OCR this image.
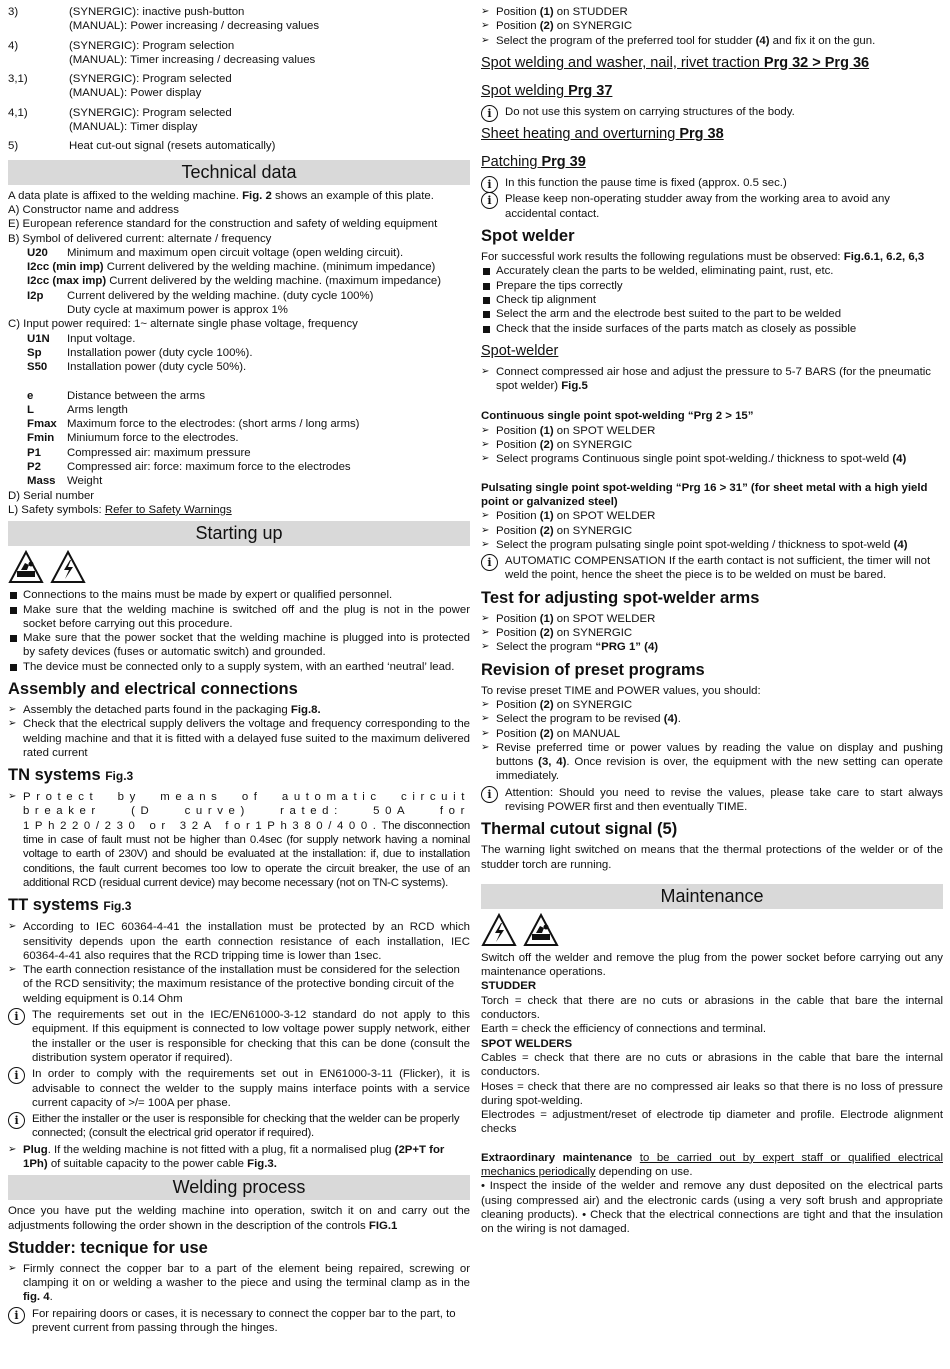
3)	(SYNERGIC): inactive push-button
(MANUAL): Power increasing / decreasing values
4)	(SYNERGIC): Program selection
(MANUAL): Timer increasing / decreasing values
3,1)	(SYNERGIC): Program selected
(MANUAL): Power display
4,1)	(SYNERGIC): Program selected
(MANUAL): Timer display
5)	Heat cut-out signal (resets automatically)
Technical data

A data plate is affixed to the welding machine. Fig. 2 shows an example of this plate.

A) Constructor name and address
E) European reference standard for the construction and safety of welding equipment
B) Symbol of delivered current: alternate / frequency
U20	Minimum and maximum open circuit voltage (open welding circuit).
I2cc (min imp) Current delivered by the welding machine. (minimum impedance)
I2cc (max imp) Current delivered by the welding machine. (maximum impedance)
I2p	Current delivered by the welding machine. (duty cycle 100%)
Duty cycle at maximum power is approx 1%
C) Input power required: 1~ alternate single phase voltage, frequency
U1N	Input voltage.
Sp	Installation power (duty cycle 100%).
S50	Installation power (duty cycle 50%).
e	Distance between the arms
L	Arms length
Fmax Maximum force to the electrodes: (short arms / long arms)
Fmin	Miniumum force to the electrodes.
P1	Compressed air: maximum pressure
P2	Compressed air: force: maximum force to the electrodes
Mass	Weight
D) Serial number
L) Safety symbols: Refer to Safety Warnings
Starting up
Connections to the mains must be made by expert or qualified personnel.
Make sure that the welding machine is switched off and the plug is not in the power socket before carrying out this procedure.
Make sure that the power socket that the welding machine is plugged into is protected by safety devices (fuses or automatic switch) and grounded.
The device must be connected only to a supply system, with an earthed ‘neutral’ lead.
Assembly and electrical connections
➢ Assembly the detached parts found in the packaging Fig.8.
➢ Check that the electrical supply delivers the voltage and frequency corresponding to the welding machine and that it is fitted with a delayed fuse suited to the maximum delivered rated current
TN systems Fig.3
➢ Protect by means of automatic circuit breaker (D curve) rated: 50A for 1Ph220/230 or 32A for1Ph380/400.The disconnection time in case of fault must not be higher than 0.4sec (for supply network having a nominal voltage to earth of 230V) and should be evaluated at the installation: if, due to installation conditions, the fault current becomes too low to operate the circuit breaker, the use of an additional RCD (residual current device) may become necessary (not on TN-C systems).
TT systems Fig.3
➢ According to IEC 60364-4-41 the installation must be protected by an RCD which sensitivity depends upon the earth connection resistance of each installation, IEC 60364-4-41 also requires that the RCD tripping time is lower than 1sec.
➢ The earth connection resistance of the installation must be considered for the selection of the RCD sensitivity; the maximum resistance of the protective bonding circuit of the welding equipment is 0.14 Ohm
i	The requirements set out in the IEC/EN61000-3-12 standard do not apply to this equipment. If this equipment is connected to low voltage power supply network, either the installer or the user is responsible for checking that this can be done (consult the distribution system operator if required).
i	In order to comply with the requirements set out in EN61000-3-11 (Flicker), it is advisable to connect the welder to the supply mains interface points with a service current capacity of >/= 100A per phase.
i	Either the installer or the user is responsible for checking that the welder can be properly connected; (consult the electrical grid operator if required).
➢ Plug. If the welding machine is not fitted with a plug, fit a normalised plug (2P+T for 1Ph) of suitable capacity to the power cable Fig.3.
Welding process

Once you have put the welding machine into operation, switch it on and carry out the adjustments following the order shown in the description of the controls FIG.1

Studder: tecnique for use
➢ Firmly connect the copper bar to a part of the element being repaired, screwing or clamping it on or welding a washer to the piece and using the terminal clamp as in the fig. 4.
i	For repairing doors or cases, it is necessary to connect the copper bar to the part, to prevent current from passing through the hinges.
➢ Position (1) on STUDDER
➢ Position (2) on SYNERGIC
➢ Select the program of the preferred tool for studder (4) and fix it on the gun.
Spot welding and washer, nail, rivet traction Prg 32 > Prg 36
Spot welding Prg 37
i	Do not use this system on carrying structures of the body.
Sheet heating and overturning Prg 38
Patching Prg 39
i	In this function the pause time is fixed (approx. 0.5 sec.)
i	Please keep non-operating studder away from the working area to avoid any accidental contact.
Spot welder

For successful work results the following regulations must be observed: Fig.6.1, 6.2, 6,3

Accurately clean the parts to be welded, eliminating paint, rust, etc.
Prepare the tips correctly
Check tip alignment
Select the arm and the electrode best suited to the part to be welded
Check that the inside surfaces of the parts match as closely as possible
Spot-welder
➢ Connect compressed air hose and adjust the pressure to 5-7 BARS (for the pneumatic spot welder) Fig.5
Continuous single point spot-welding “Prg 2 > 15”
➢ Position (1) on SPOT WELDER
➢ Position (2) on SYNERGIC
➢ Select programs Continuous single point spot-welding./ thickness to spot-weld (4)
Pulsating single point spot-welding “Prg 16 > 31” (for sheet metal with a high yield point or galvanized steel)
➢ Position (1) on SPOT WELDER
➢ Position (2) on SYNERGIC
➢ Select the program pulsating single point spot-welding / thickness to spot-weld (4)
i	AUTOMATIC COMPENSATION If the earth contact is not sufficient, the timer will not weld the point, hence the sheet the piece is to be welded on must be bared.
Test for adjusting spot-welder arms
➢ Position (1) on SPOT WELDER
➢ Position (2) on SYNERGIC
➢ Select the program “PRG 1” (4)
Revision of preset programs

To revise preset TIME and POWER values, you should:

➢ Position (2) on SYNERGIC
➢ Select the program to be revised (4).
➢ Position (2) on MANUAL
➢ Revise preferred time or power values by reading the value on display and pushing buttons (3, 4). Once revision is over, the equipment with the new setting can operate immediately.
i	Attention: Should you need to revise the values, please take care to start always revising POWER first and then eventually TIME.
Thermal cutout signal (5)

The warning light switched on means that the thermal protections of the welder or of the studder torch are running.

Maintenance

Switch off the welder and remove the plug from the power socket before carrying out any maintenance operations.

STUDDER

Torch = check that there are no cuts or abrasions in the cable that bare the internal conductors.

Earth = check the efficiency of connections and terminal.

SPOT WELDERS

Cables = check that there are no cuts or abrasions in the cable that bare the internal conductors.

Hoses = check that there are no compressed air leaks so that there is no loss of pressure during spot-welding.

Electrodes = adjustment/reset of electrode tip diameter and profile. Electrode alignment checks

Extraordinary maintenance to be carried out by expert staff or qualified electrical mechanics periodically depending on use.

• Inspect the inside of the welder and remove any dust deposited on the electrical parts (using compressed air) and the electronic cards (using a very soft brush and appropriate cleaning products). • Check that the electrical connections are tight and that the insulation on the wiring is not damaged.
